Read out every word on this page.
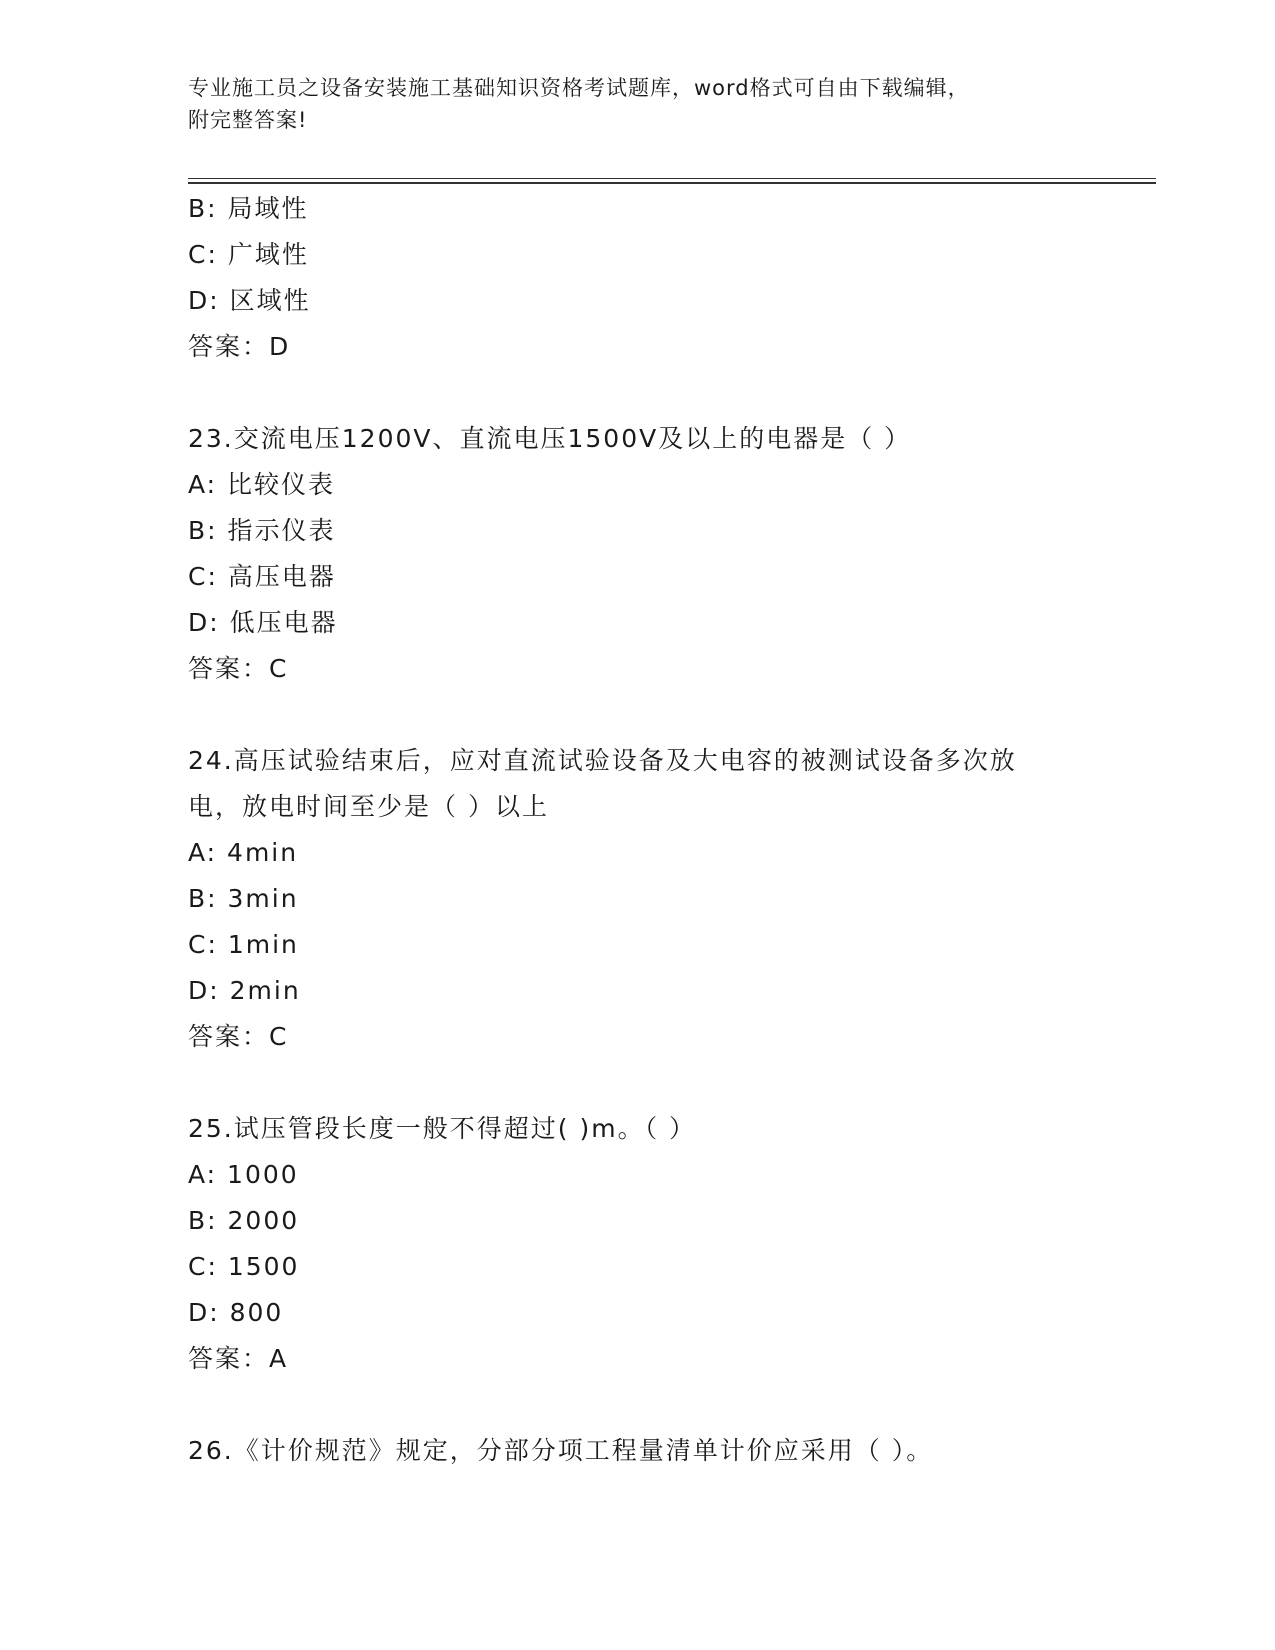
专业施工员之设备安装施工基础知识资格考试题库，word格式可自由下载编辑，
附完整答案!
B: 局域性
C: 广域性
D: 区域性
答案：D
23.交流电压1200V、直流电压1500V及以上的电器是（ ）
A: 比较仪表
B: 指示仪表
C: 高压电器
D: 低压电器
答案：C
24.高压试验结束后，应对直流试验设备及大电容的被测试设备多次放
电，放电时间至少是（ ）以上
A: 4min
B: 3min
C: 1min
D: 2min
答案：C
25.试压管段长度一般不得超过( )m。（ ）
A: 1000
B: 2000
C: 1500
D: 800
答案：A
26.《计价规范》规定，分部分项工程量清单计价应采用（ ）。
